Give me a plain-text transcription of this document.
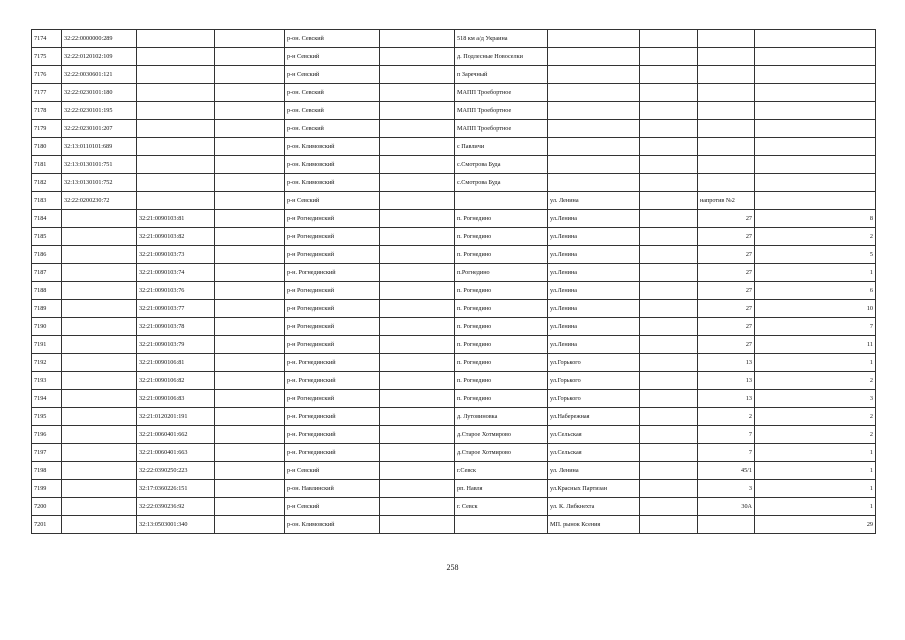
7174	32:22:0000000:289			р-он. Севский		518 км а/д Украина				
7175	32:22:0120102:109			р-н Севский		д. Подлесные Новоселки				
7176	32:22:0030601:121			р-н Севский		п Заречный				
7177	32:22:0230101:180			р-он. Севский		МАПП Троебортное				
7178	32:22:0230101:195			р-он. Севский		МАПП Троебортное				
7179	32:22:0230101:207			р-он. Севский		МАПП Троебортное				
7180	32:13:0110101:689			р-он. Климовский		с Павличи				
7181	32:13:0130101:751			р-он. Климовский		с.Смотрова Буда				
7182	32:13:0130101:752			р-он. Климовский		с.Смотрова Буда				
7183	32:22:0200230:72			р-н Севский			ул. Ленина		напротив №2	
7184		32:21:0090103:81		р-н Рогнединский		п. Рогнедино	ул.Ленина		27	8
7185		32:21:0090103:82		р-н Рогнединский		п. Рогнедино	ул.Ленина		27	2
7186		32:21:0090103:73		р-н Рогнединский		п. Рогнедино	ул.Ленина		27	5
7187		32:21:0090103:74		р-н. Рогнединский		п.Рогнедино	ул.Ленина		27	1
7188		32:21:0090103:76		р-н Рогнединский		п. Рогнедино	ул.Ленина		27	6
7189		32:21:0090103:77		р-н Рогнединский		п. Рогнедино	ул.Ленина		27	10
7190		32:21:0090103:78		р-н Рогнединский		п. Рогнедино	ул.Ленина		27	7
7191		32:21:0090103:79		р-н Рогнединский		п. Рогнедино	ул.Ленина		27	11
7192		32:21:0090106:81		р-н. Рогнединский		п. Рогнедино	ул.Горького		13	1
7193		32:21:0090106:82		р-н. Рогнединский		п. Рогнедино	ул.Горького		13	2
7194		32:21:0090106:83		р-н Рогнединский		п. Рогнедино	ул.Горького		13	3
7195		32:21:0120201:191		р-н. Рогнединский		д. Лутовиновка	ул.Набережная		2	2
7196		32:21:0060401:662		р-н. Рогнединский		д.Старое Хотмирово	ул.Сельская		7	2
7197		32:21:0060401:663		р-н. Рогнединский		д.Старое Хотмирово	ул.Сельская		7	1
7198		32:22:0390250:223		р-н Севский		г.Севск	ул. Ленина		45/1	1
7199		32:17:0360226:151		р-он. Навлинский		рп. Навля	ул.Красных Партизан		3	1
7200		32:22:0390236:92		р-н Севский		г. Севск	ул. К. Либкнехта		30А	1
7201		32:13:0503001:340		р-он. Климовский			МП. рынок Ксения			29
258
